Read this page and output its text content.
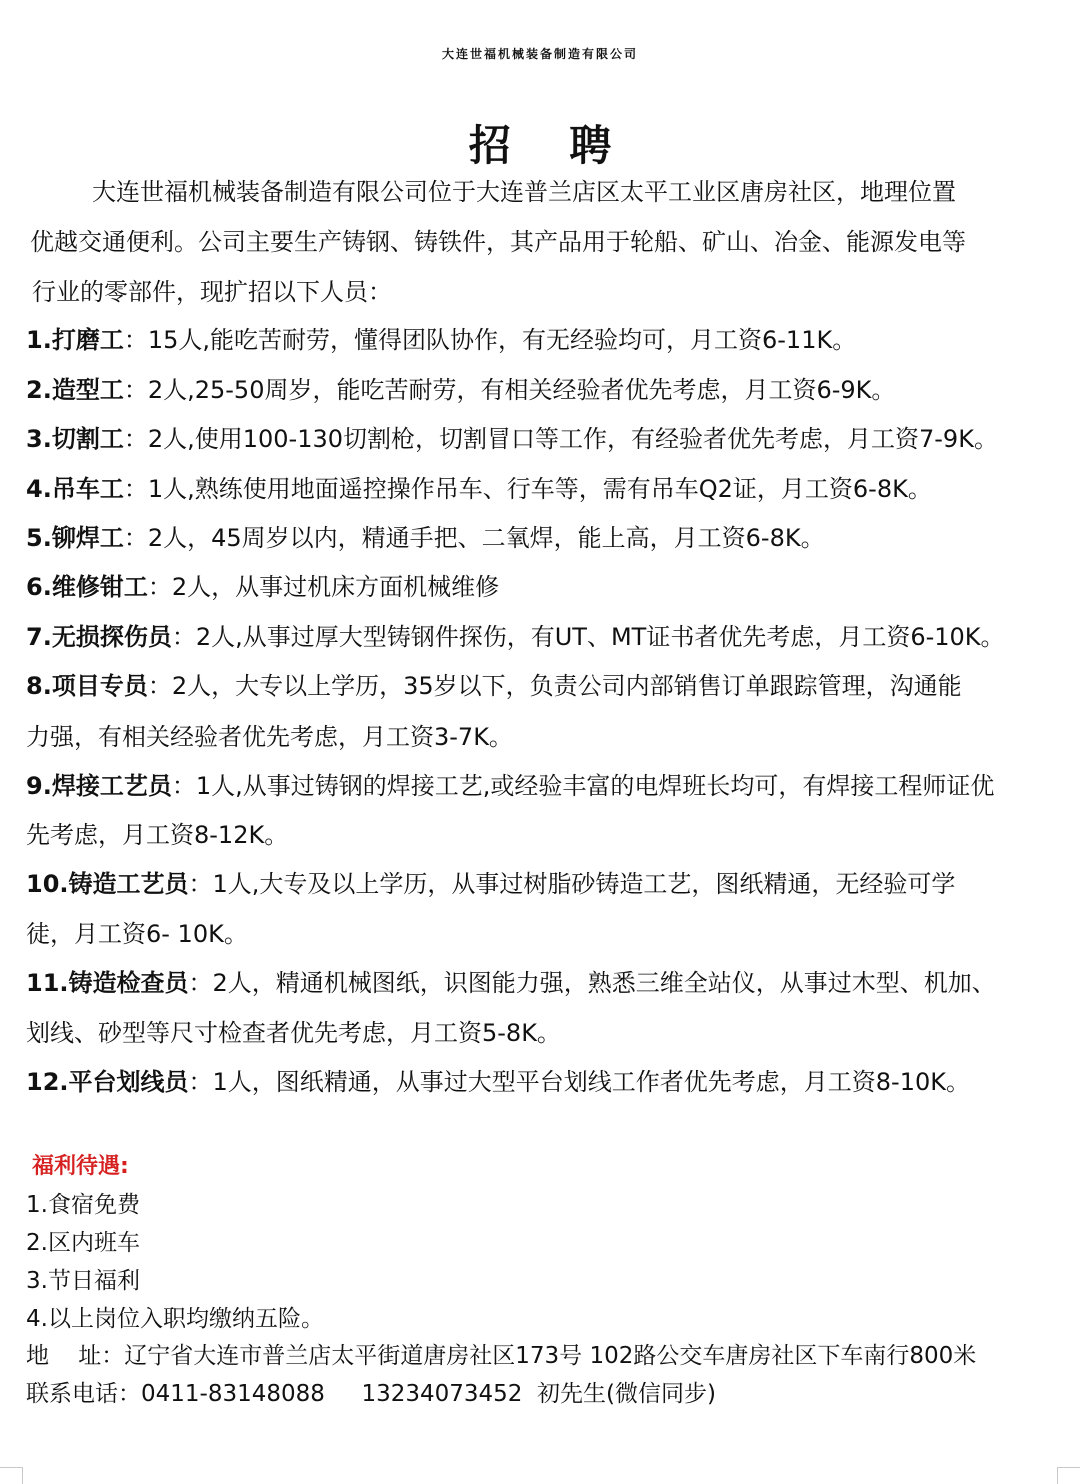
大连世福机械装备制造有限公司
招    聘
大连世福机械装备制造有限公司位于大连普兰店区太平工业区唐房社区，地理位置
优越交通便利。公司主要生产铸钢、铸铁件，其产品用于轮船、矿山、冶金、能源发电等
行业的零部件，现扩招以下人员：
1.打磨工：15人,能吃苦耐劳，懂得团队协作，有无经验均可，月工资6-11K。
2.造型工：2人,25-50周岁，能吃苦耐劳，有相关经验者优先考虑，月工资6-9K。
3.切割工：2人,使用100-130切割枪，切割冒口等工作，有经验者优先考虑，月工资7-9K。
4.吊车工：1人,熟练使用地面遥控操作吊车、行车等，需有吊车Q2证，月工资6-8K。
5.铆焊工：2人，45周岁以内，精通手把、二氧焊，能上高，月工资6-8K。
6.维修钳工：2人，从事过机床方面机械维修
7.无损探伤员：2人,从事过厚大型铸钢件探伤，有UT、MT证书者优先考虑，月工资6-10K。
8.项目专员：2人，大专以上学历，35岁以下，负责公司内部销售订单跟踪管理，沟通能
力强，有相关经验者优先考虑，月工资3-7K。
9.焊接工艺员：1人,从事过铸钢的焊接工艺,或经验丰富的电焊班长均可，有焊接工程师证优
先考虑，月工资8-12K。
10.铸造工艺员：1人,大专及以上学历，从事过树脂砂铸造工艺，图纸精通，无经验可学
徒，月工资6- 10K。
11.铸造检查员：2人，精通机械图纸，识图能力强，熟悉三维全站仪，从事过木型、机加、
划线、砂型等尺寸检查者优先考虑，月工资5-8K。
12.平台划线员：1人，图纸精通，从事过大型平台划线工作者优先考虑，月工资8-10K。
福利待遇:
1.食宿免费
2.区内班车
3.节日福利
4.以上岗位入职均缴纳五险。
地    址：辽宁省大连市普兰店太平街道唐房社区173号 102路公交车唐房社区下车南行800米
联系电话：0411-83148088     13234073452  初先生(微信同步)
